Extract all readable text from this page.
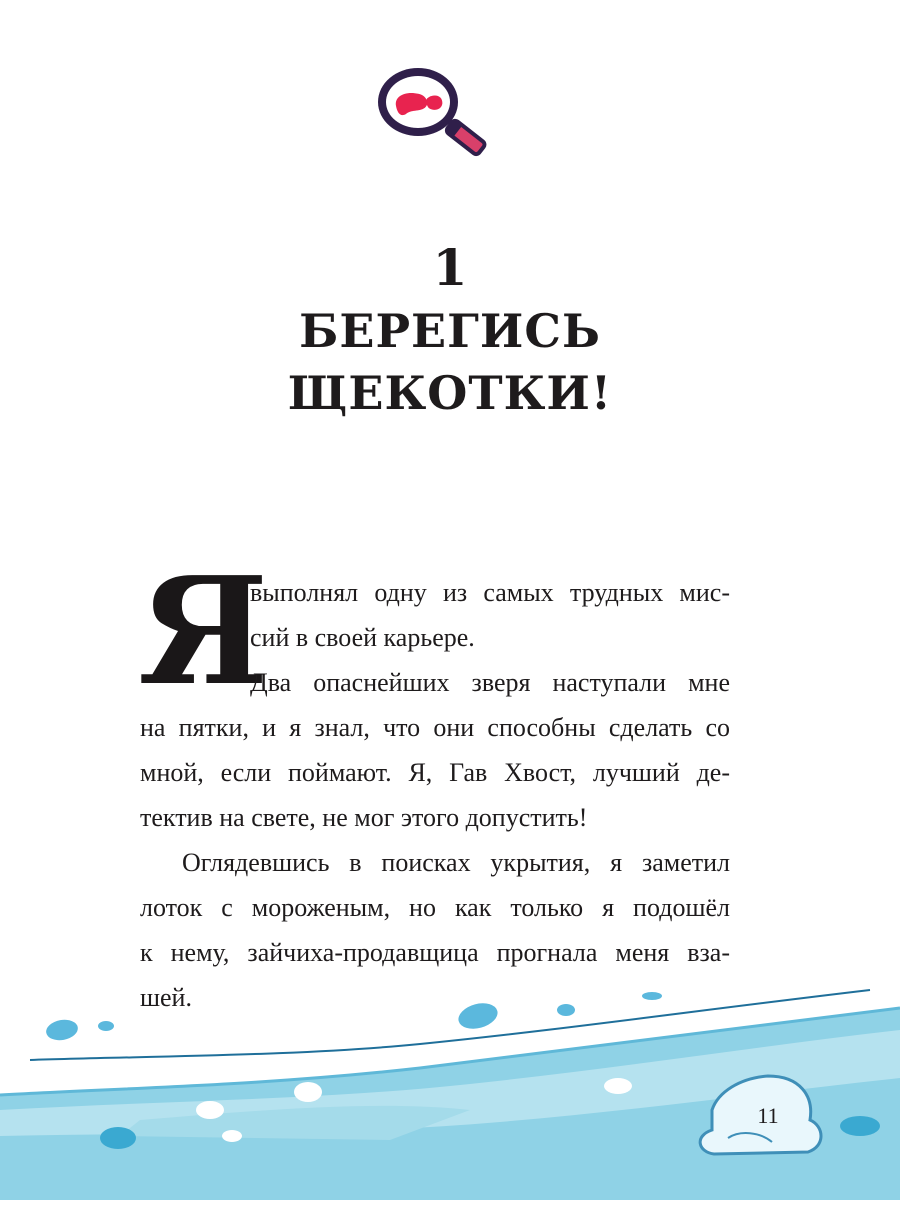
1
БЕРЕГИСЬ
ЩЕКОТКИ!
Я
выполнял одну из самых трудных мис-
сий в своей карьере.
Два опаснейших зверя наступали мне
на пятки, и я знал, что они способны сделать со
мной, если поймают. Я, Гав Хвост, лучший де-
тектив на свете, не мог этого допустить!
Оглядевшись в поисках укрытия, я заметил
лоток с мороженым, но как только я подошёл
к нему, зайчиха-продавщица прогнала меня вза-
шей.
11
